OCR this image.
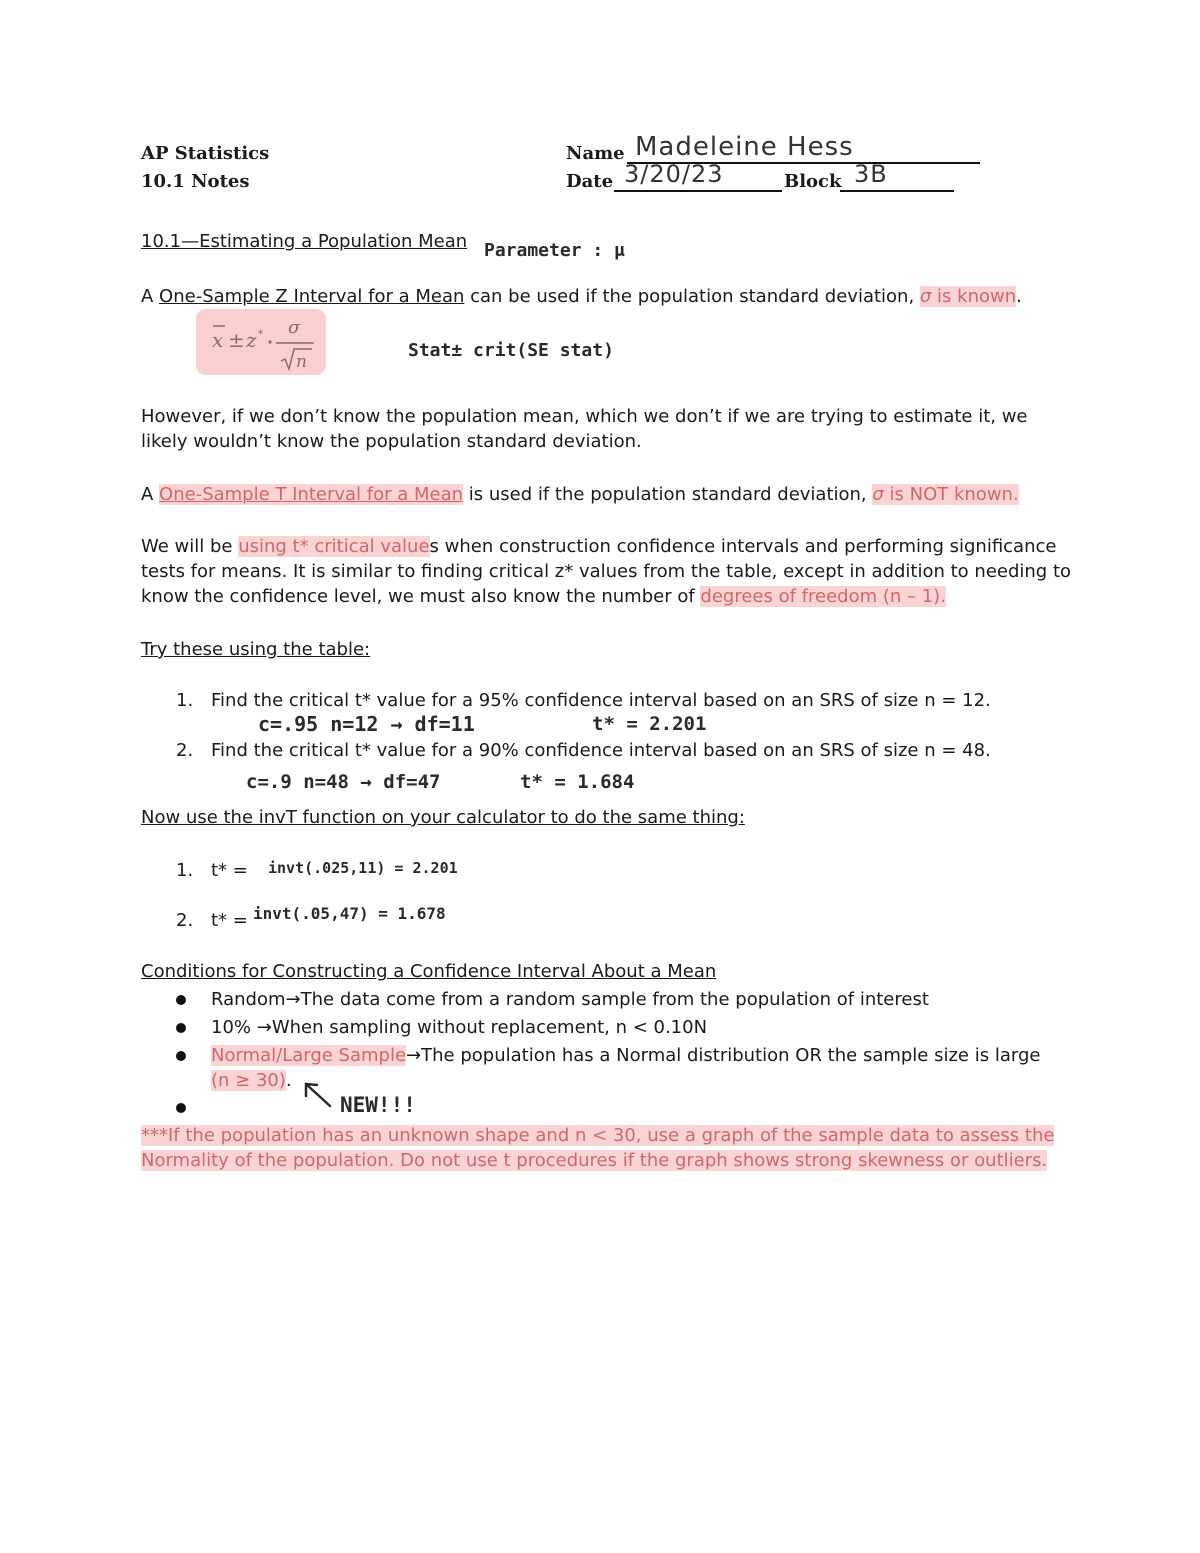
AP Statistics
10.1 Notes
Name Madeleine Hess
Date 3/20/23	Block 3B
10.1—Estimating a Population Mean Parameter : μ
A One-Sample Z Interval for a Mean can be used if the population standard deviation, σ is known.
x ± z * σ
n
Stat± crit(SE stat)
However, if we don’t know the population mean, which we don’t if we are trying to estimate it, we
likely wouldn’t know the population standard deviation.
A One-Sample T Interval for a Mean is used if the population standard deviation, σ is NOT known.
We will be using t* critical values when construction confidence intervals and performing significance
tests for means. It is similar to finding critical z* values from the table, except in addition to needing to
know the confidence level, we must also know the number of degrees of freedom (n – 1).
Try these using the table:
1. Find the critical t* value for a 95% confidence interval based on an SRS of size n = 12.
c=.95 n=12 → df=11	t* = 2.201
2. Find the critical t* value for a 90% confidence interval based on an SRS of size n = 48.
c=.9 n=48 → df=47	t* = 1.684
Now use the invT function on your calculator to do the same thing:
1. t* = invt(.025,11) = 2.201
2. t* = invt(.05,47) = 1.678
Conditions for Constructing a Confidence Interval About a Mean
Random→The data come from a random sample from the population of interest
10% →When sampling without replacement, n < 0.10N
Normal/Large Sample→The population has a Normal distribution OR the sample size is large
(n ≥ 30).
NEW!!!
***If the population has an unknown shape and n < 30, use a graph of the sample data to assess the
Normality of the population. Do not use t procedures if the graph shows strong skewness or outliers.
